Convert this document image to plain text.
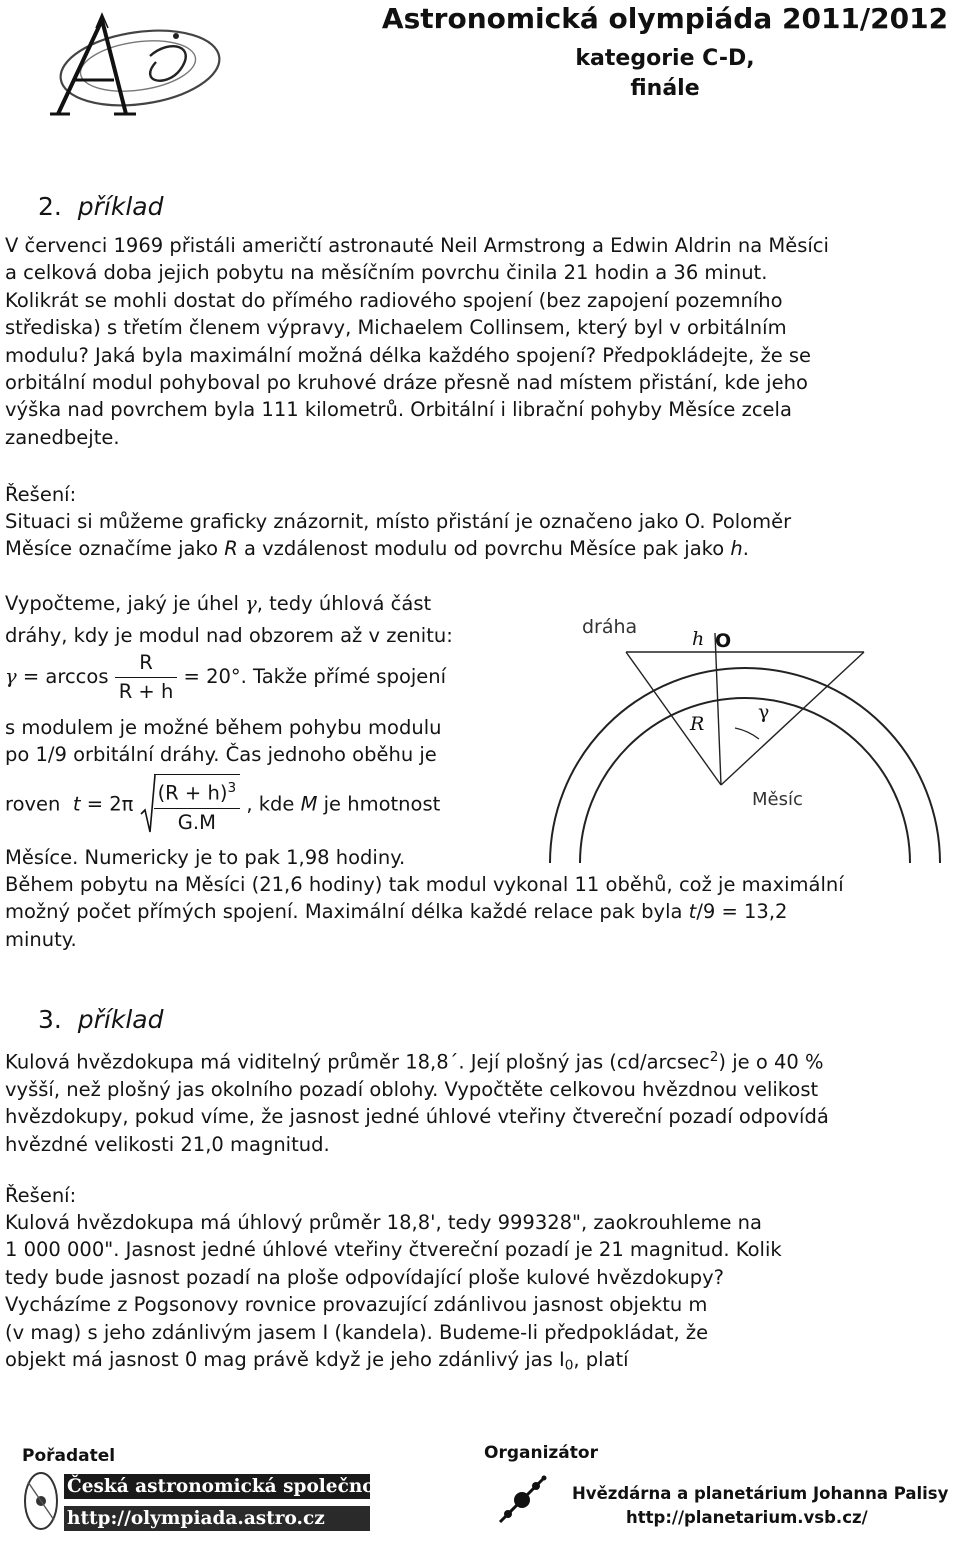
Astronomická olympiáda 2011/2012
kategorie C-D,
finále
2. příklad
V červenci 1969 přistáli američtí astronauté Neil Armstrong a Edwin Aldrin na Měsíci
a celková doba jejich pobytu na měsíčním povrchu činila 21 hodin a 36 minut.
Kolikrát se mohli dostat do přímého radiového spojení (bez zapojení pozemního
střediska) s třetím členem výpravy, Michaelem Collinsem, který byl v orbitálním
modulu? Jaká byla maximální možná délka každého spojení? Předpokládejte, že se
orbitální modul pohyboval po kruhové dráze přesně nad místem přistání, kde jeho
výška nad povrchem byla 111 kilometrů. Orbitální i librační pohyby Měsíce zcela
zanedbejte.
Řešení:
Situaci si můžeme graficky znázornit, místo přistání je označeno jako O. Poloměr
Měsíce označíme jako R a vzdálenost modulu od povrchu Měsíce pak jako h.
Vypočteme, jaký je úhel γ, tedy úhlová část
dráhy, kdy je modul nad obzorem až v zenitu:
$\gamma = \arccos \frac{R}{R + h} = 20^\circ$. Takže přímé spojení
s modulem je možné během pohybu modulu
po 1/9 orbitální dráhy. Čas jednoho oběhu je
roven $t = 2\pi \frac{(R + h)^3}{G.M}$ , kde M je hmotnost
Měsíce. Numericky je to pak 1,98 hodiny.
Během pobytu na Měsíci (21,6 hodiny) tak modul vykonal 11 oběhů, což je maximální
možný počet přímých spojení. Maximální délka každé relace pak byla t/9 = 13,2
minuty.
dráha
h O
R
γ
Měsíc
3. příklad
Kulová hvězdokupa má viditelný průměr 18,8´. Její plošný jas (cd/arcsec$^2$) je o 40 %
vyšší, než plošný jas okolního pozadí oblohy. Vypočtěte celkovou hvězdnou velikost
hvězdokupy, pokud víme, že jasnost jedné úhlové vteřiny čtvereční pozadí odpovídá
hvězdné velikosti 21,0 magnitud.
Řešení:
Kulová hvězdokupa má úhlový průměr 18,8', tedy 999328", zaokrouhleme na
1 000 000". Jasnost jedné úhlové vteřiny čtvereční pozadí je 21 magnitud. Kolik
tedy bude jasnost pozadí na ploše odpovídající ploše kulové hvězdokupy?
Vycházíme z Pogsonovy rovnice provazující zdánlivou jasnost objektu m
(v mag) s jeho zdánlivým jasem I (kandela). Budeme-li předpokládat, že
objekt má jasnost 0 mag právě když je jeho zdánlivý jas $I_0$, platí
Pořadatel
Česká astronomická společnost
http://olympiada.astro.cz
Organizátor
Hvězdárna a planetárium Johanna Palisy
http://planetarium.vsb.cz/
